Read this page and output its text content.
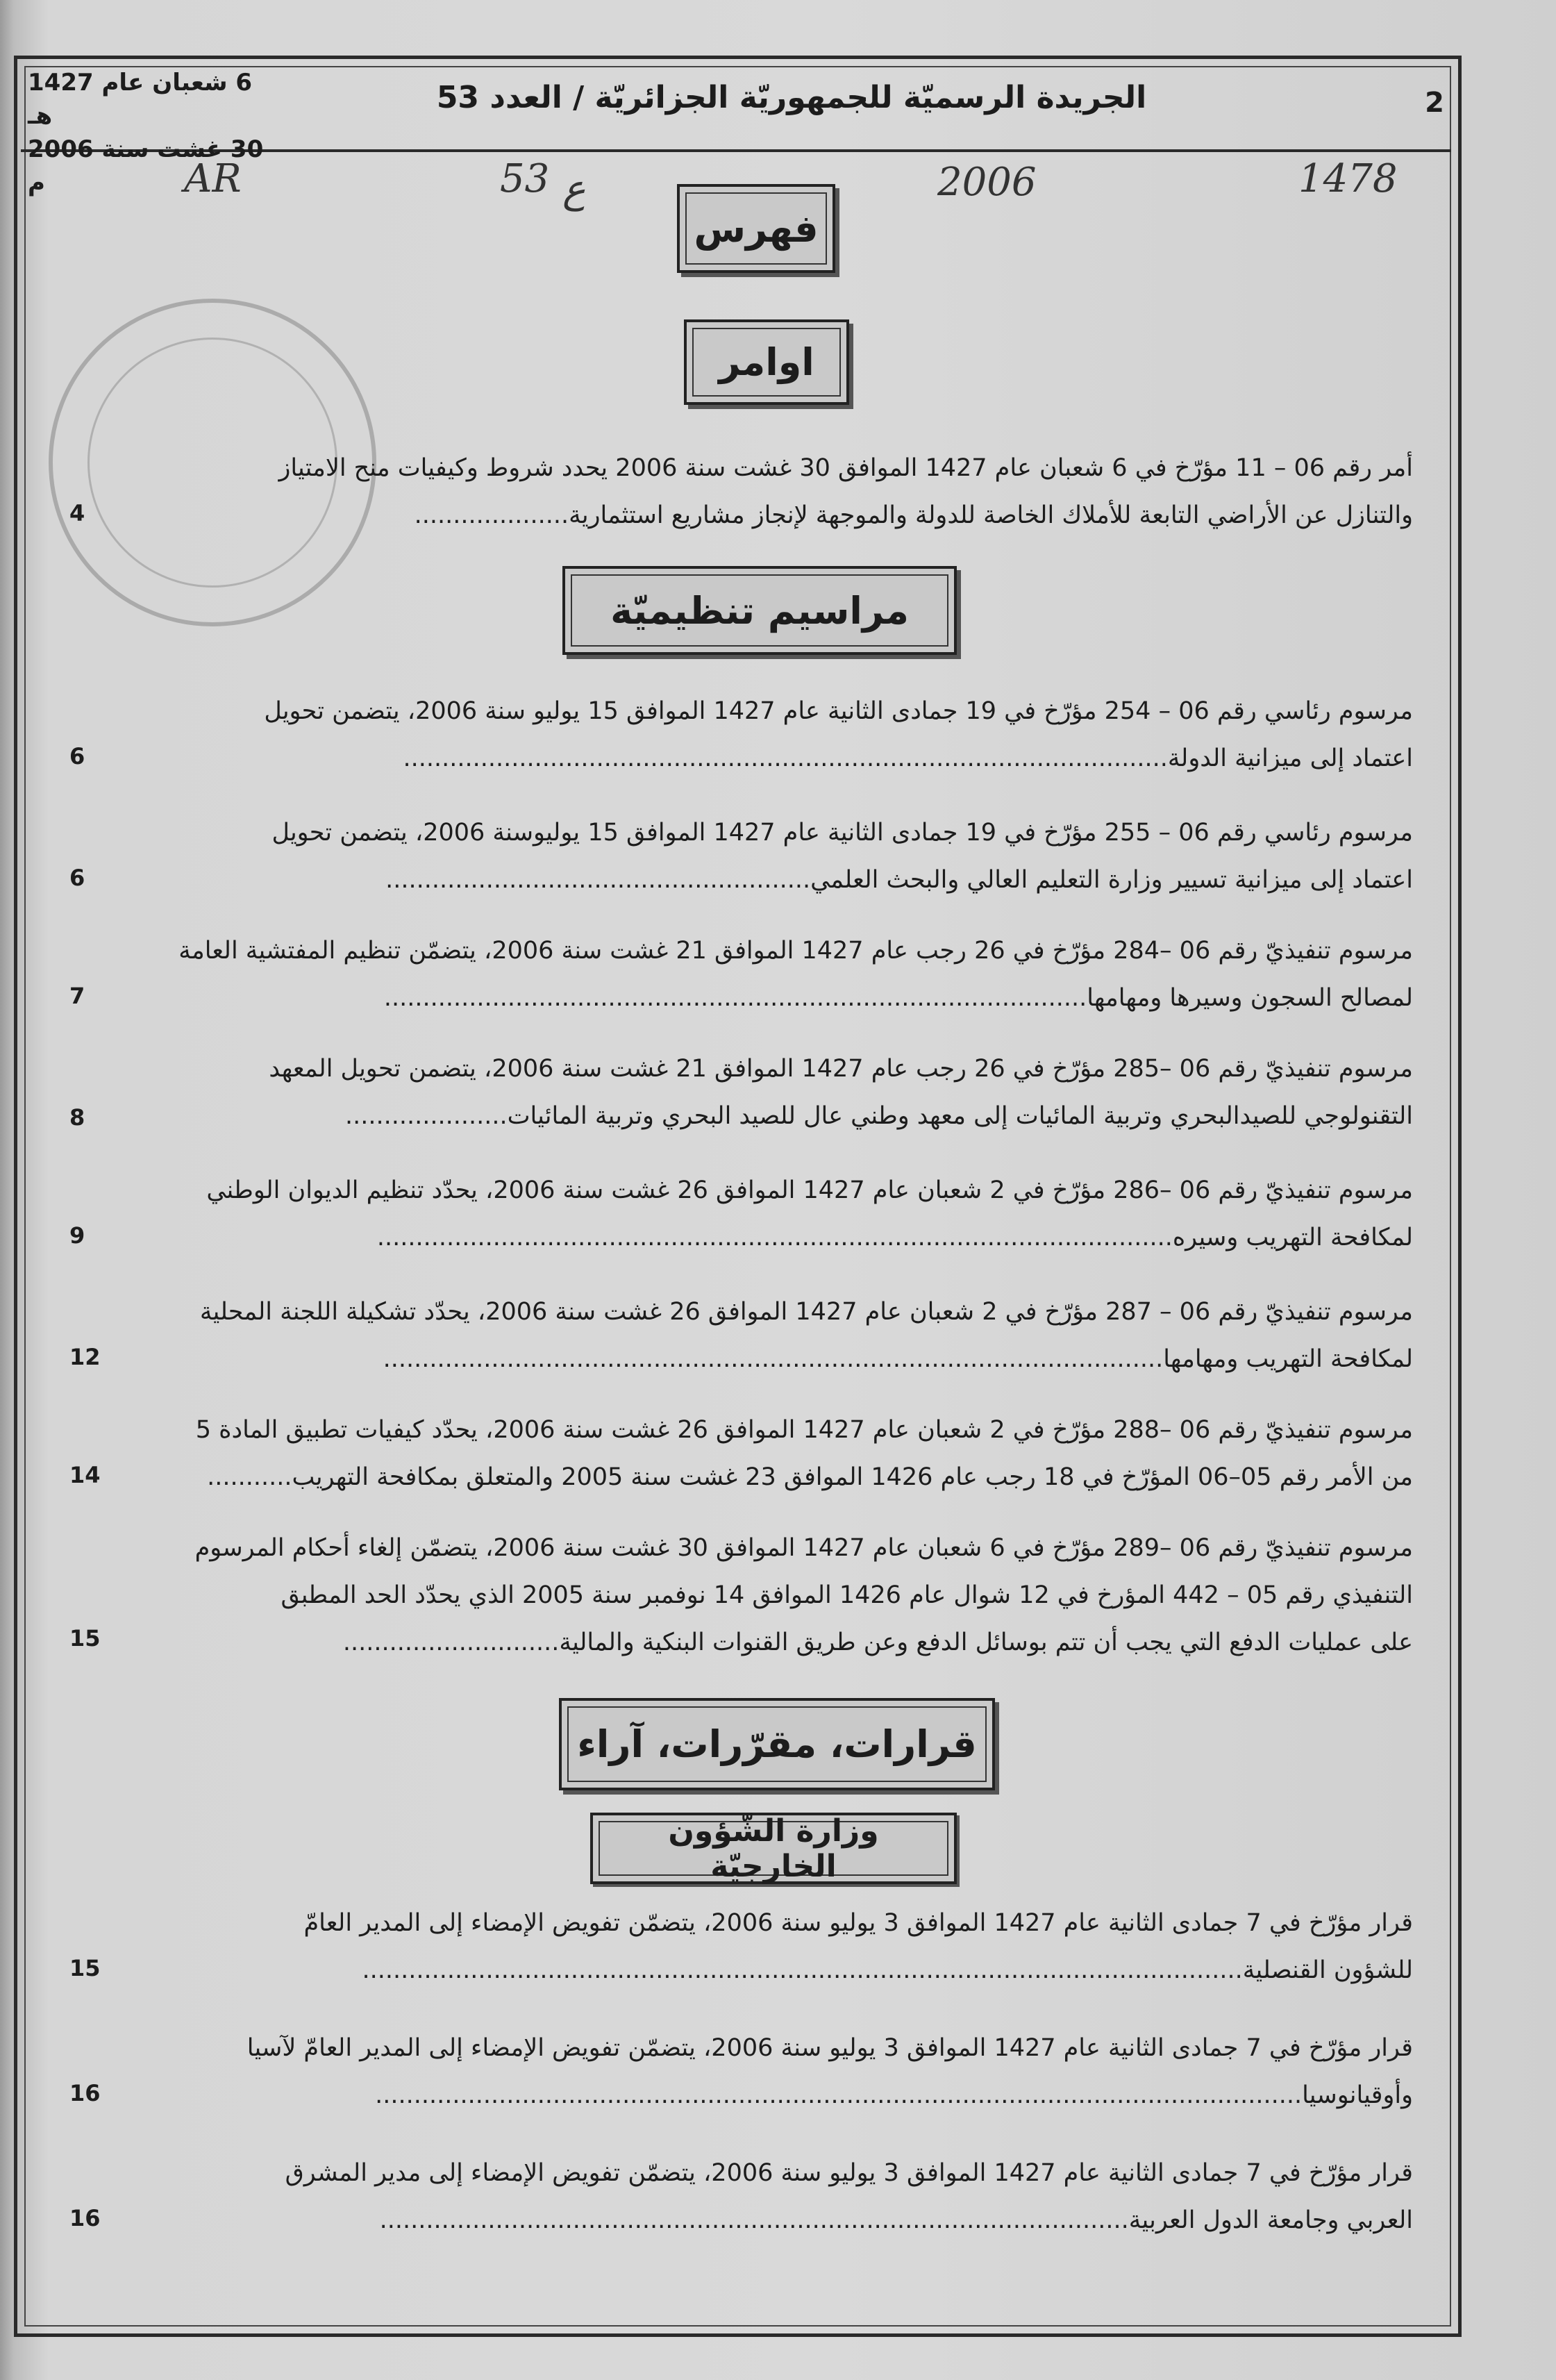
6 شعبان عام 1427 هـ
30 غشت سنة 2006 م
الجريدة الرسميّة للجمهوريّة الجزائريّة / العدد 53	2
AR	53 ع	2006	1478
فهرس
اوامر
أمر رقم 06 – 11 مؤرّخ في 6 شعبان عام 1427 الموافق 30 غشت سنة 2006 يحدد شروط وكيفيات منح الامتياز

والتنازل عن الأراضي التابعة للأملاك الخاصة للدولة والموجهة لإنجاز مشاريع استثمارية....................
4
مراسيم تنظيميّة
مرسوم رئاسي رقم 06 – 254 مؤرّخ في 19 جمادى الثانية عام 1427 الموافق 15 يوليو سنة 2006، يتضمن تحويل

اعتماد إلى ميزانية الدولة...................................................................................................
6
مرسوم رئاسي رقم 06 – 255 مؤرّخ في 19 جمادى الثانية عام 1427 الموافق 15 يوليوسنة 2006، يتضمن تحويل

اعتماد إلى ميزانية تسيير وزارة التعليم العالي والبحث العلمي.......................................................
6
مرسوم تنفيذيّ رقم 06 –284 مؤرّخ في 26 رجب عام 1427 الموافق 21 غشت سنة 2006، يتضمّن تنظيم المفتشية العامة

لمصالح السجون وسيرها ومهامها...........................................................................................
7
مرسوم تنفيذيّ رقم 06 –285 مؤرّخ في 26 رجب عام 1427 الموافق 21 غشت سنة 2006، يتضمن تحويل المعهد

التقنولوجي للصيدالبحري وتربية المائيات إلى معهد وطني عال للصيد البحري وتربية المائيات.....................
8
مرسوم تنفيذيّ رقم 06 –286 مؤرّخ في 2 شعبان عام 1427 الموافق 26 غشت سنة 2006، يحدّد تنظيم الديوان الوطني

لمكافحة التهريب وسيره.......................................................................................................
9
مرسوم تنفيذيّ رقم 06 – 287 مؤرّخ في 2 شعبان عام 1427 الموافق 26 غشت سنة 2006، يحدّد تشكيلة اللجنة المحلية

لمكافحة التهريب ومهامها.....................................................................................................
12
مرسوم تنفيذيّ رقم 06 –288 مؤرّخ في 2 شعبان عام 1427 الموافق 26 غشت سنة 2006، يحدّد كيفيات تطبيق المادة 5

من الأمر رقم 05–06 المؤرّخ في 18 رجب عام 1426 الموافق 23 غشت سنة 2005 والمتعلق بمكافحة التهريب...........
14
مرسوم تنفيذيّ رقم 06 –289 مؤرّخ في 6 شعبان عام 1427 الموافق 30 غشت سنة 2006، يتضمّن إلغاء أحكام المرسوم
التنفيذي رقم 05 – 442 المؤرخ في 12 شوال عام 1426 الموافق 14 نوفمبر سنة 2005 الذي يحدّد الحد المطبق

على عمليات الدفع التي يجب أن تتم بوسائل الدفع وعن طريق القنوات البنكية والمالية............................
15
قرارات، مقرّرات، آراء
وزارة الشّؤون الخارجيّة
قرار مؤرّخ في 7 جمادى الثانية عام 1427 الموافق 3 يوليو سنة 2006، يتضمّن تفويض الإمضاء إلى المدير العامّ

للشؤون القنصلية..................................................................................................................
15
قرار مؤرّخ في 7 جمادى الثانية عام 1427 الموافق 3 يوليو سنة 2006، يتضمّن تفويض الإمضاء إلى المدير العامّ لآسيا

وأوقيانوسيا........................................................................................................................
16
قرار مؤرّخ في 7 جمادى الثانية عام 1427 الموافق 3 يوليو سنة 2006، يتضمّن تفويض الإمضاء إلى مدير المشرق

العربي وجامعة الدول العربية.................................................................................................
16
